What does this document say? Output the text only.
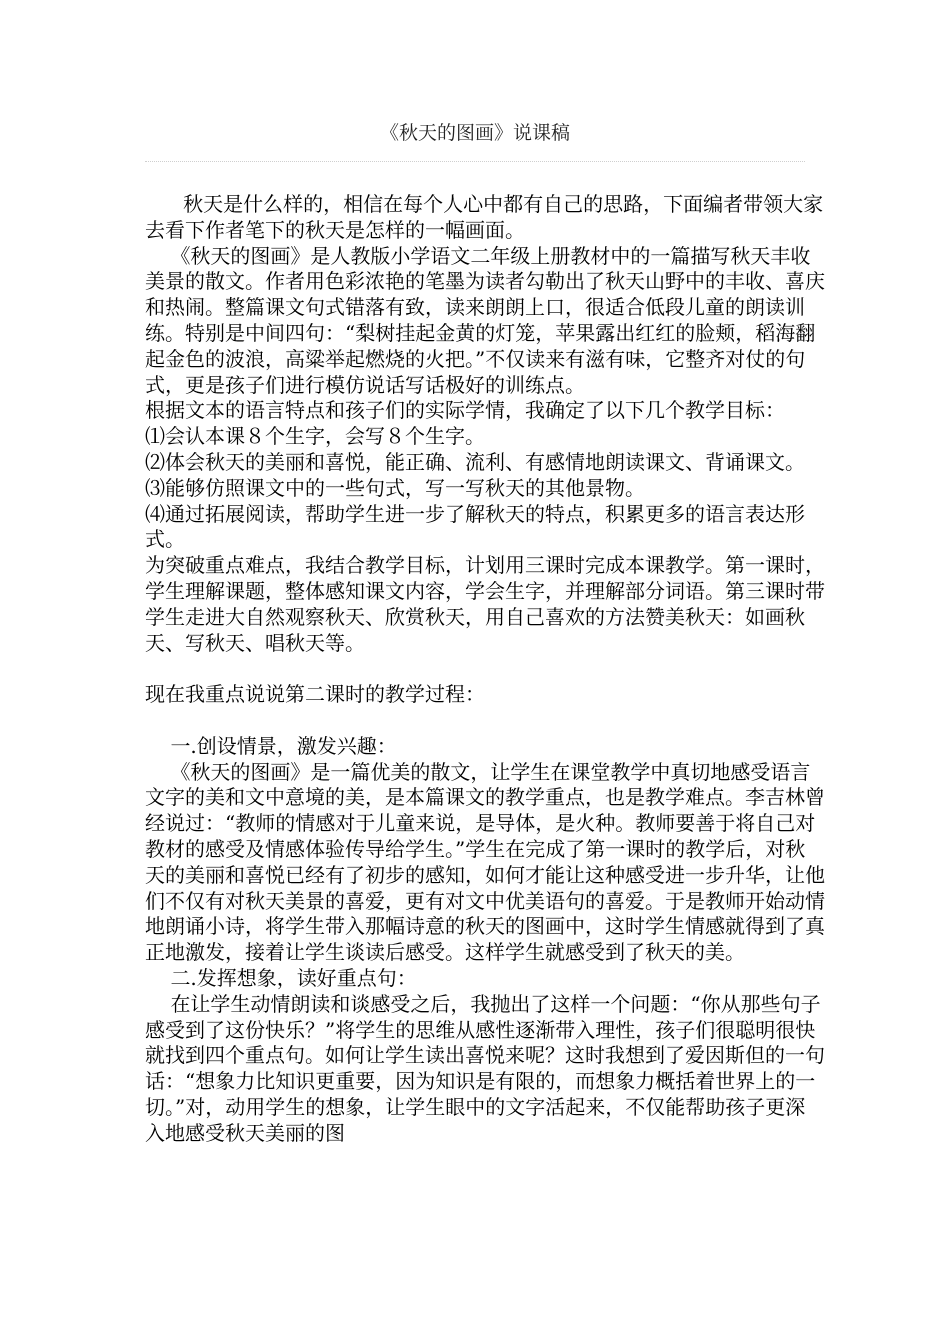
《秋天的图画》说课稿

秋天是什么样的，相信在每个人心中都有自己的思路，下面编者带领大家去看下作者笔下的秋天是怎样的一幅画面。

《秋天的图画》是人教版小学语文二年级上册教材中的一篇描写秋天丰收美景的散文。作者用色彩浓艳的笔墨为读者勾勒出了秋天山野中的丰收、喜庆和热闹。整篇课文句式错落有致，读来朗朗上口，很适合低段儿童的朗读训练。特别是中间四句：“梨树挂起金黄的灯笼，苹果露出红红的脸颊，稻海翻起金色的波浪，高粱举起燃烧的火把。”不仅读来有滋有味，它整齐对仗的句式，更是孩子们进行模仿说话写话极好的训练点。

根据文本的语言特点和孩子们的实际学情，我确定了以下几个教学目标：

⑴会认本课８个生字，会写８个生字。

⑵体会秋天的美丽和喜悦，能正确、流利、有感情地朗读课文、背诵课文。

⑶能够仿照课文中的一些句式，写一写秋天的其他景物。

⑷通过拓展阅读，帮助学生进一步了解秋天的特点，积累更多的语言表达形式。

为突破重点难点，我结合教学目标，计划用三课时完成本课教学。第一课时，学生理解课题，整体感知课文内容，学会生字，并理解部分词语。第三课时带学生走进大自然观察秋天、欣赏秋天，用自己喜欢的方法赞美秋天：如画秋天、写秋天、唱秋天等。

现在我重点说说第二课时的教学过程：

一.创设情景，激发兴趣：

《秋天的图画》是一篇优美的散文，让学生在课堂教学中真切地感受语言文字的美和文中意境的美，是本篇课文的教学重点，也是教学难点。李吉林曾经说过：“教师的情感对于儿童来说，是导体，是火种。教师要善于将自己对教材的感受及情感体验传导给学生。”学生在完成了第一课时的教学后，对秋天的美丽和喜悦已经有了初步的感知，如何才能让这种感受进一步升华，让他们不仅有对秋天美景的喜爱，更有对文中优美语句的喜爱。于是教师开始动情地朗诵小诗，将学生带入那幅诗意的秋天的图画中，这时学生情感就得到了真正地激发，接着让学生谈读后感受。这样学生就感受到了秋天的美。

二.发挥想象，读好重点句：

在让学生动情朗读和谈感受之后，我抛出了这样一个问题：“你从那些句子感受到了这份快乐？”将学生的思维从感性逐渐带入理性，孩子们很聪明很快就找到四个重点句。如何让学生读出喜悦来呢？这时我想到了爱因斯但的一句话：“想象力比知识更重要，因为知识是有限的，而想象力概括着世界上的一切。”对，动用学生的想象，让学生眼中的文字活起来，不仅能帮助孩子更深入地感受秋天美丽的图
